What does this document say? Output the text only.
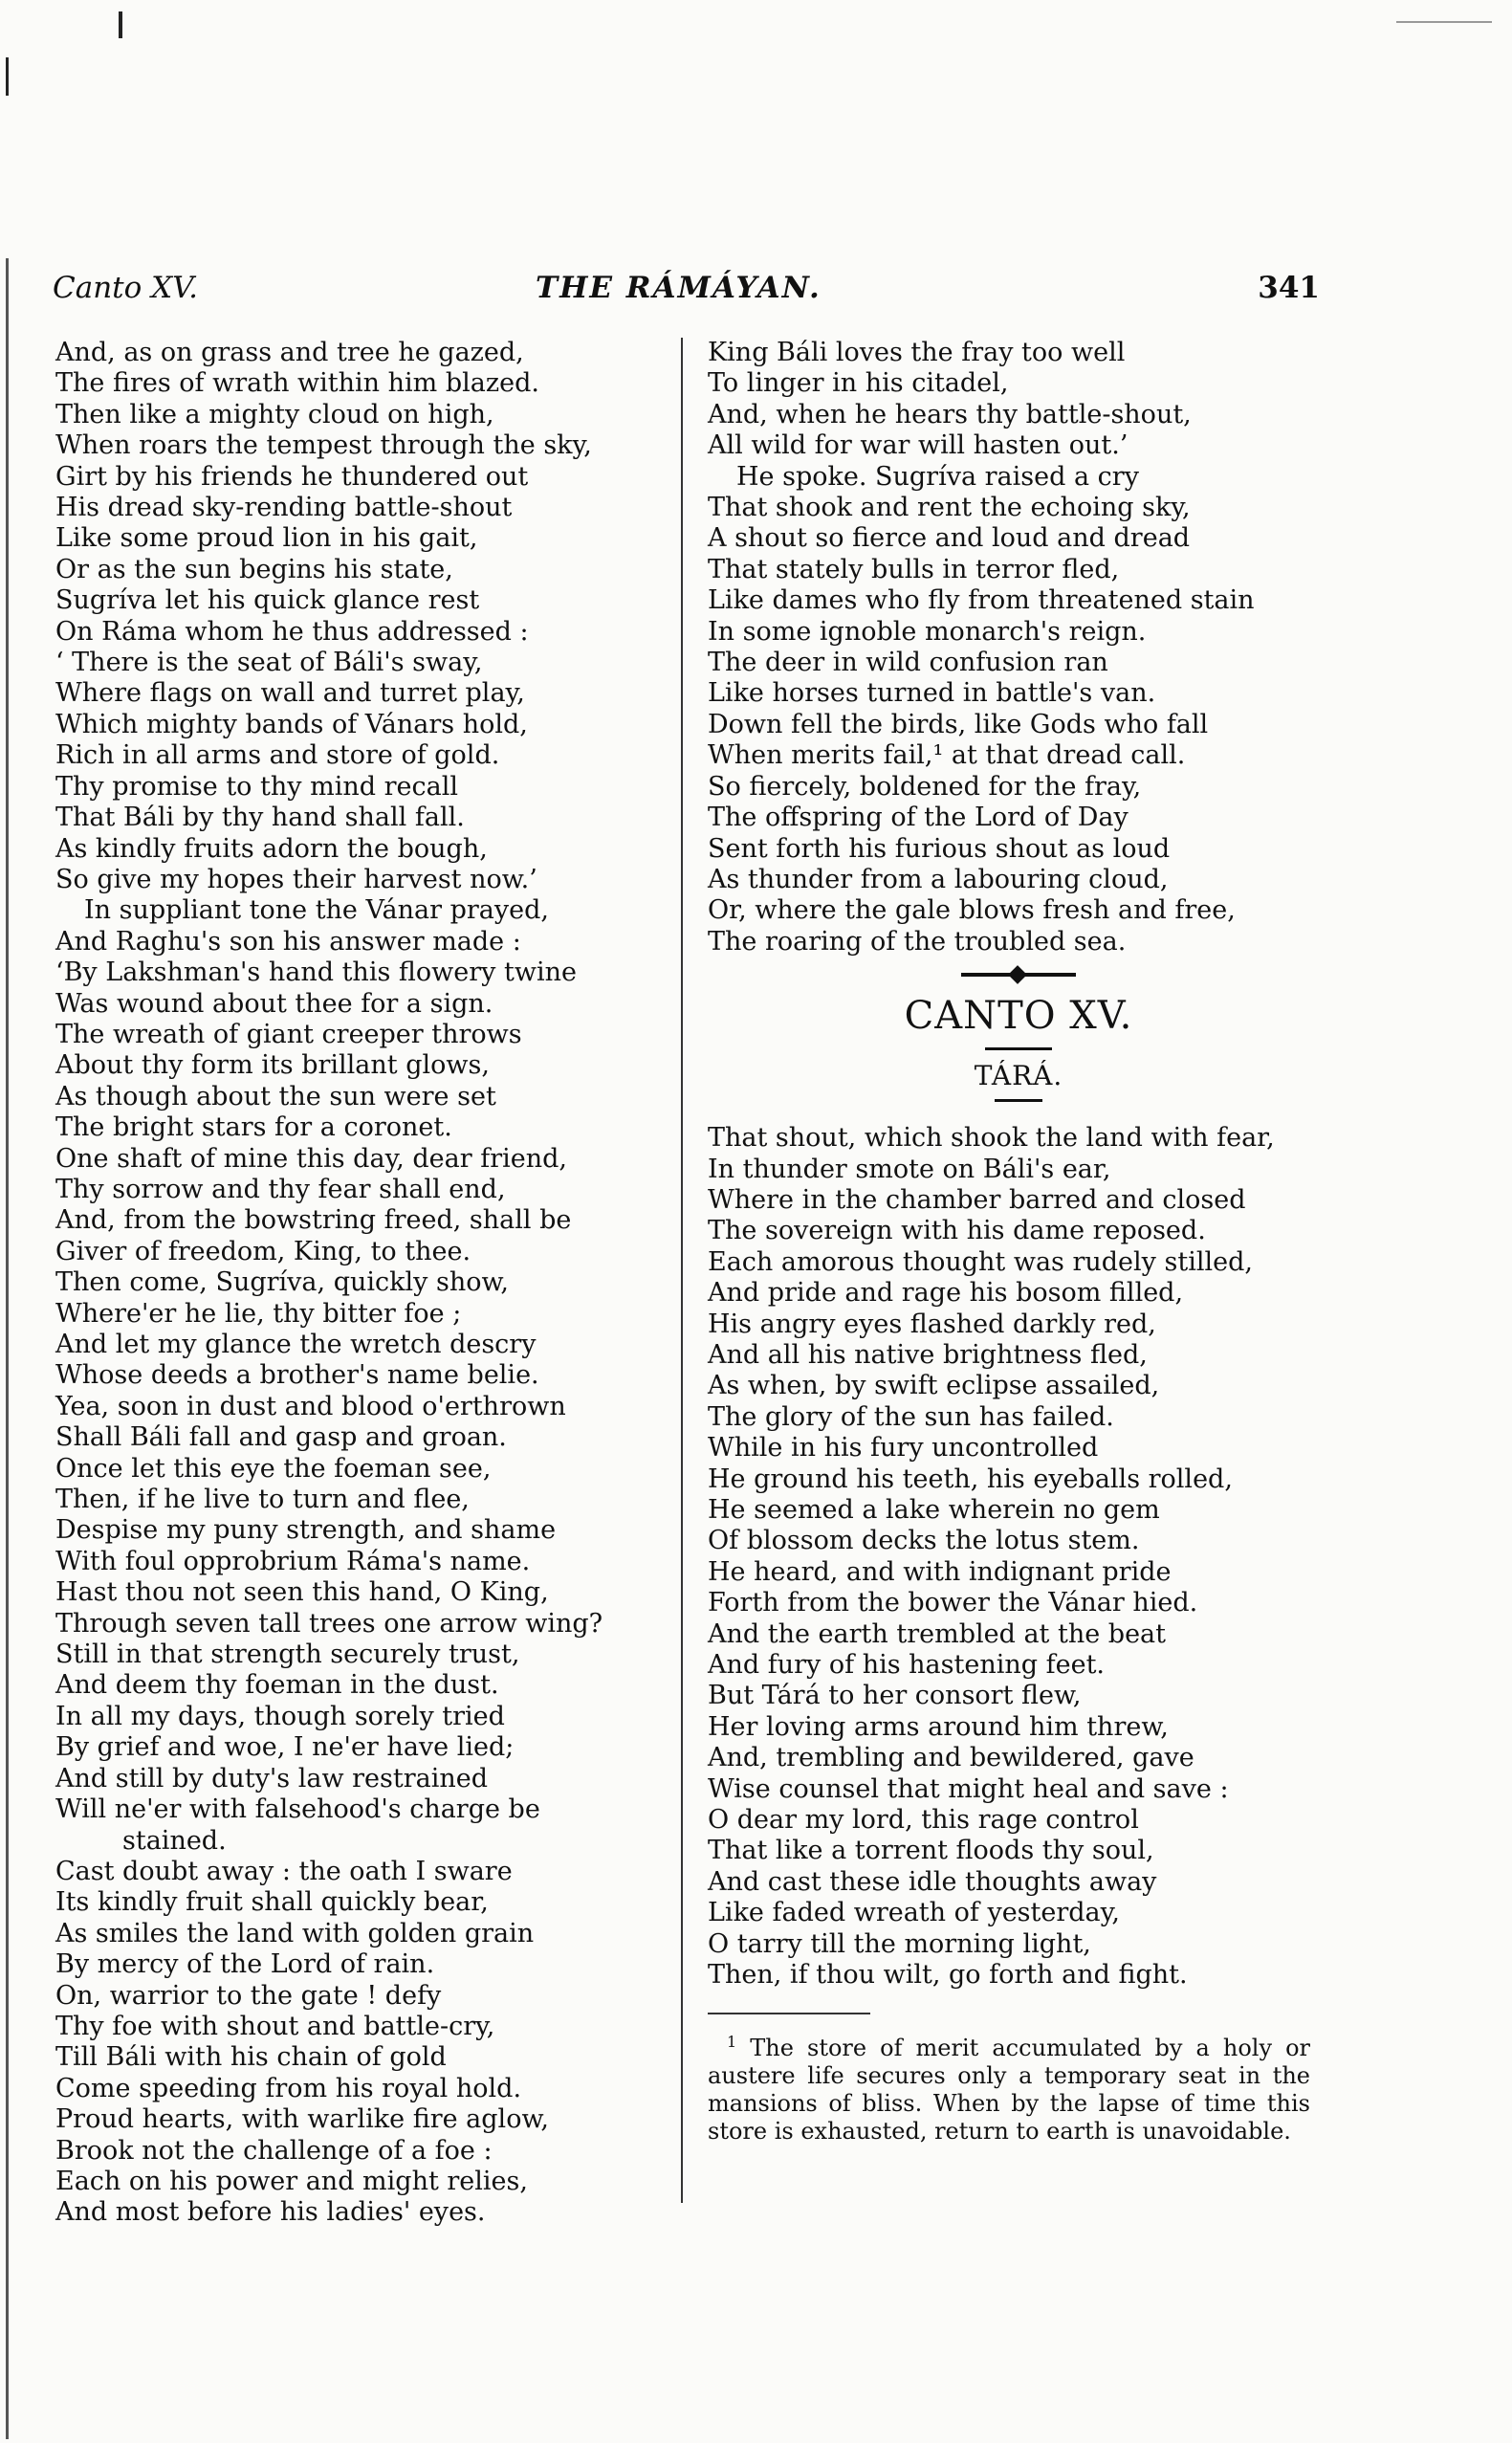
Canto XV.	THE RÁMÁYAN.	341
And, as on grass and tree he gazed,
The fires of wrath within him blazed.
Then like a mighty cloud on high,
When roars the tempest through the sky,
Girt by his friends he thundered out
His dread sky-rending battle-shout
Like some proud lion in his gait,
Or as the sun begins his state,
Sugríva let his quick glance rest
On Ráma whom he thus addressed :
‘ There is the seat of Báli's sway,
Where flags on wall and turret play,
Which mighty bands of Vánars hold,
Rich in all arms and store of gold.
Thy promise to thy mind recall
That Báli by thy hand shall fall.
As kindly fruits adorn the bough,
So give my hopes their harvest now.’
In suppliant tone the Vánar prayed,
And Raghu's son his answer made :
‘By Lakshman's hand this flowery twine
Was wound about thee for a sign.
The wreath of giant creeper throws
About thy form its brillant glows,
As though about the sun were set
The bright stars for a coronet.
One shaft of mine this day, dear friend,
Thy sorrow and thy fear shall end,
And, from the bowstring freed, shall be
Giver of freedom, King, to thee.
Then come, Sugríva, quickly show,
Where'er he lie, thy bitter foe ;
And let my glance the wretch descry
Whose deeds a brother's name belie.
Yea, soon in dust and blood o'erthrown
Shall Báli fall and gasp and groan.
Once let this eye the foeman see,
Then, if he live to turn and flee,
Despise my puny strength, and shame
With foul opprobrium Ráma's name.
Hast thou not seen this hand, O King,
Through seven tall trees one arrow wing?
Still in that strength securely trust,
And deem thy foeman in the dust.
In all my days, though sorely tried
By grief and woe, I ne'er have lied;
And still by duty's law restrained
Will ne'er with falsehood's charge be
stained.
Cast doubt away : the oath I sware
Its kindly fruit shall quickly bear,
As smiles the land with golden grain
By mercy of the Lord of rain.
On, warrior to the gate ! defy
Thy foe with shout and battle-cry,
Till Báli with his chain of gold
Come speeding from his royal hold.
Proud hearts, with warlike fire aglow,
Brook not the challenge of a foe :
Each on his power and might relies,
And most before his ladies' eyes.
King Báli loves the fray too well
To linger in his citadel,
And, when he hears thy battle-shout,
All wild for war will hasten out.’
He spoke. Sugríva raised a cry
That shook and rent the echoing sky,
A shout so fierce and loud and dread
That stately bulls in terror fled,
Like dames who fly from threatened stain
In some ignoble monarch's reign.
The deer in wild confusion ran
Like horses turned in battle's van.
Down fell the birds, like Gods who fall
When merits fail,¹ at that dread call.
So fiercely, boldened for the fray,
The offspring of the Lord of Day
Sent forth his furious shout as loud
As thunder from a labouring cloud,
Or, where the gale blows fresh and free,
The roaring of the troubled sea.
CANTO XV.
TÁRÁ.
That shout, which shook the land with fear,
In thunder smote on Báli's ear,
Where in the chamber barred and closed
The sovereign with his dame reposed.
Each amorous thought was rudely stilled,
And pride and rage his bosom filled,
His angry eyes flashed darkly red,
And all his native brightness fled,
As when, by swift eclipse assailed,
The glory of the sun has failed.
While in his fury uncontrolled
He ground his teeth, his eyeballs rolled,
He seemed a lake wherein no gem
Of blossom decks the lotus stem.
He heard, and with indignant pride
Forth from the bower the Vánar hied.
And the earth trembled at the beat
And fury of his hastening feet.
But Tárá to her consort flew,
Her loving arms around him threw,
And, trembling and bewildered, gave
Wise counsel that might heal and save :
O dear my lord, this rage control
That like a torrent floods thy soul,
And cast these idle thoughts away
Like faded wreath of yesterday,
O tarry till the morning light,
Then, if thou wilt, go forth and fight.
$^1$ The store of merit accumulated by a holy or austere life secures only a temporary seat in the mansions of bliss. When by the lapse of time this store is exhausted, return to earth is unavoidable.
